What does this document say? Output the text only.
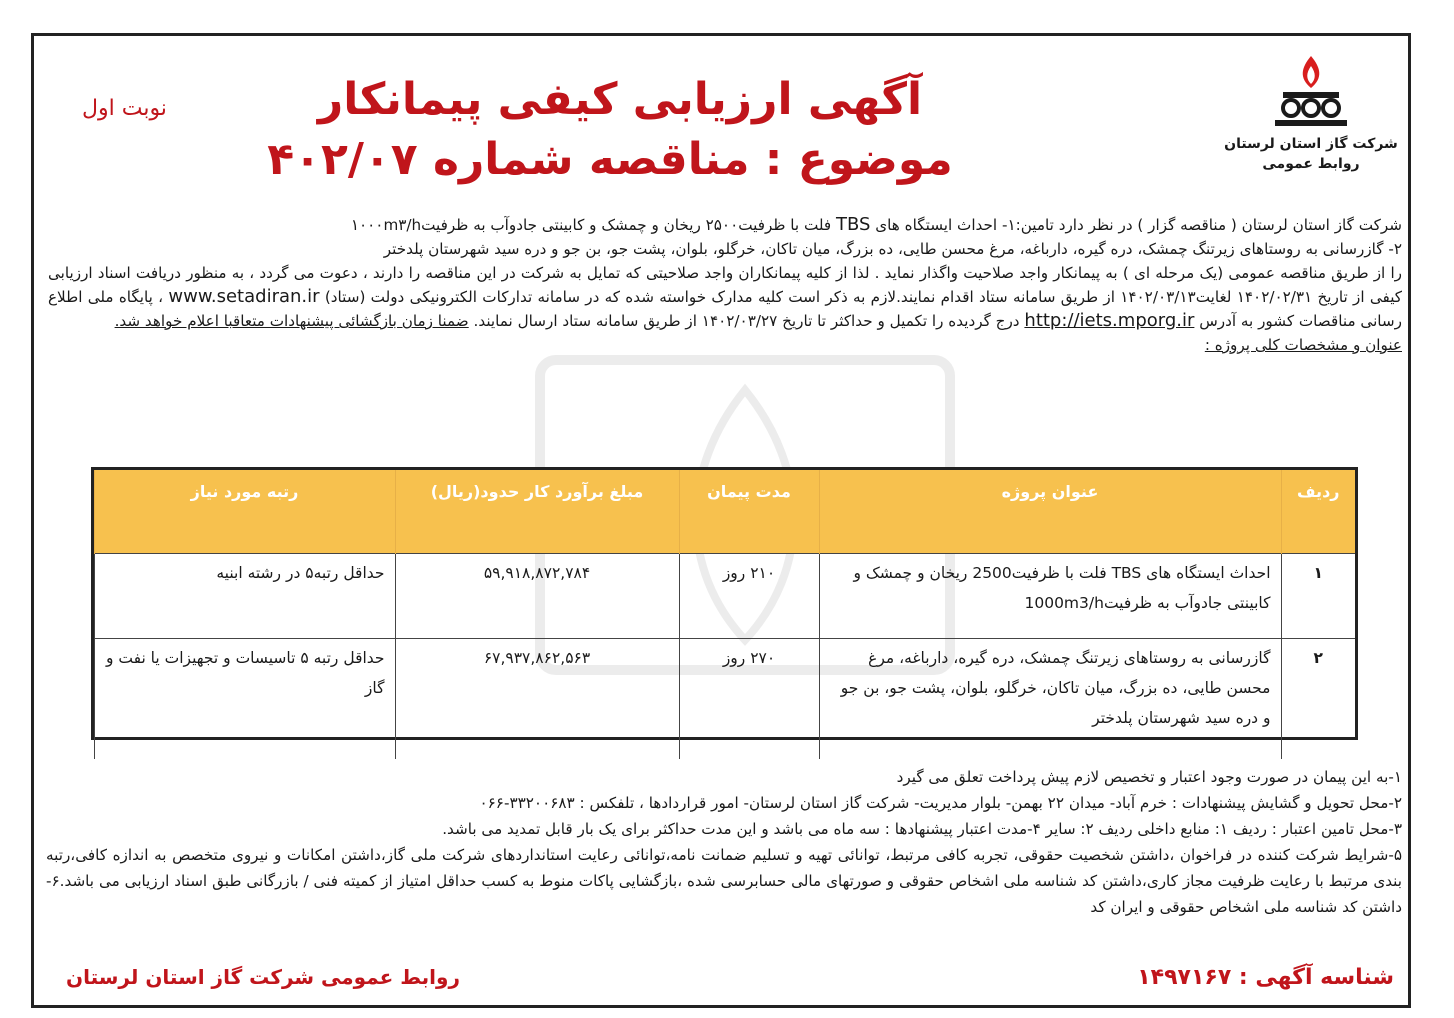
شرکت گاز استان لرستان
روابط عمومی
نوبت اول	آگهی ارزیابی کیفی پیمانکار
موضوع : مناقصه شماره ۴۰۲/۰۷

شرکت گاز استان لرستان ( مناقصه گزار ) در نظر دارد تامین:۱- احداث ایستگاه های TBS فلت با ظرفیت۲۵۰۰ ریخان و چمشک و کابینتی جادوآب به ظرفیت۱۰۰۰m۳/h

۲- گازرسانی به روستاهای زیرتنگ چمشک، دره گیره، دارباغه، مرغ محسن طایی، ده بزرگ، میان تاکان، خرگلو، بلوان، پشت جو، بن جو و دره سید شهرستان پلدختر

را از طریق مناقصه عمومی (یک مرحله ای ) به پیمانکار واجد صلاحیت واگذار نماید . لذا از کلیه پیمانکاران واجد صلاحیتی که تمایل به شرکت در این مناقصه را دارند ، دعوت می گردد ، به منظور دریافت اسناد ارزیابی کیفی از تاریخ ۱۴۰۲/۰۲/۳۱ لغایت۱۴۰۲/۰۳/۱۳ از طریق سامانه ستاد اقدام نمایند.لازم به ذکر است کلیه مدارک خواسته شده که در سامانه تدارکات الکترونیکی دولت (ستاد) www.setadiran.ir ، پایگاه ملی اطلاع رسانی مناقصات کشور به آدرس http://iets.mporg.ir درج گردیده را تکمیل و حداکثر تا تاریخ ۱۴۰۲/۰۳/۲۷ از طریق سامانه ستاد ارسال نمایند. ضمنا زمان بازگشائی پیشنهادات متعاقبا اعلام خواهد شد.

عنوان و مشخصات کلی پروژه :

ردیف	عنوان پروژه	مدت پیمان	مبلغ برآورد کار حدود(ریال)	رتبه مورد نیاز
۱	احداث ایستگاه های TBS فلت با ظرفیت2500 ریخان و چمشک و کابینتی جادوآب به ظرفیت1000m3/h	۲۱۰ روز	۵۹,۹۱۸,۸۷۲,۷۸۴	حداقل رتبه۵ در رشته ابنیه
۲	گازرسانی به روستاهای زیرتنگ چمشک، دره گیره، دارباغه، مرغ محسن طایی، ده بزرگ، میان تاکان، خرگلو، بلوان، پشت جو، بن جو و دره سید شهرستان پلدختر	۲۷۰ روز	۶۷,۹۳۷,۸۶۲,۵۶۳	حداقل رتبه ۵ تاسیسات و تجهیزات یا نفت و گاز

۱-به این پیمان در صورت وجود اعتبار و تخصیص لازم پیش پرداخت تعلق می گیرد

۲-محل تحویل و گشایش پیشنهادات : خرم آباد- میدان ۲۲ بهمن- بلوار مدیریت- شرکت گاز استان لرستان- امور قراردادها ، تلفکس : ۳۳۲۰۰۶۸۳-۰۶۶

۳-محل تامین اعتبار : ردیف ۱: منابع داخلی ردیف ۲: سایر ۴-مدت اعتبار پیشنهادها : سه ماه می باشد و این مدت حداکثر برای یک بار قابل تمدید می باشد.

۵-شرایط شرکت کننده در فراخوان ،داشتن شخصیت حقوقی، تجربه کافی مرتبط، توانائی تهیه و تسلیم ضمانت نامه،توانائی رعایت استانداردهای شرکت ملی گاز،داشتن امکانات و نیروی متخصص به اندازه کافی،رتبه بندی مرتبط با رعایت ظرفیت مجاز کاری،داشتن کد شناسه ملی اشخاص حقوقی و صورتهای مالی حسابرسی شده ،بازگشایی پاکات منوط به کسب حداقل امتیاز از کمیته فنی / بازرگانی طبق اسناد ارزیابی می باشد.۶-داشتن کد شناسه ملی اشخاص حقوقی و ایران کد

شناسه آگهی : ۱۴۹۷۱۶۷
روابط عمومی شرکت گاز استان لرستان
